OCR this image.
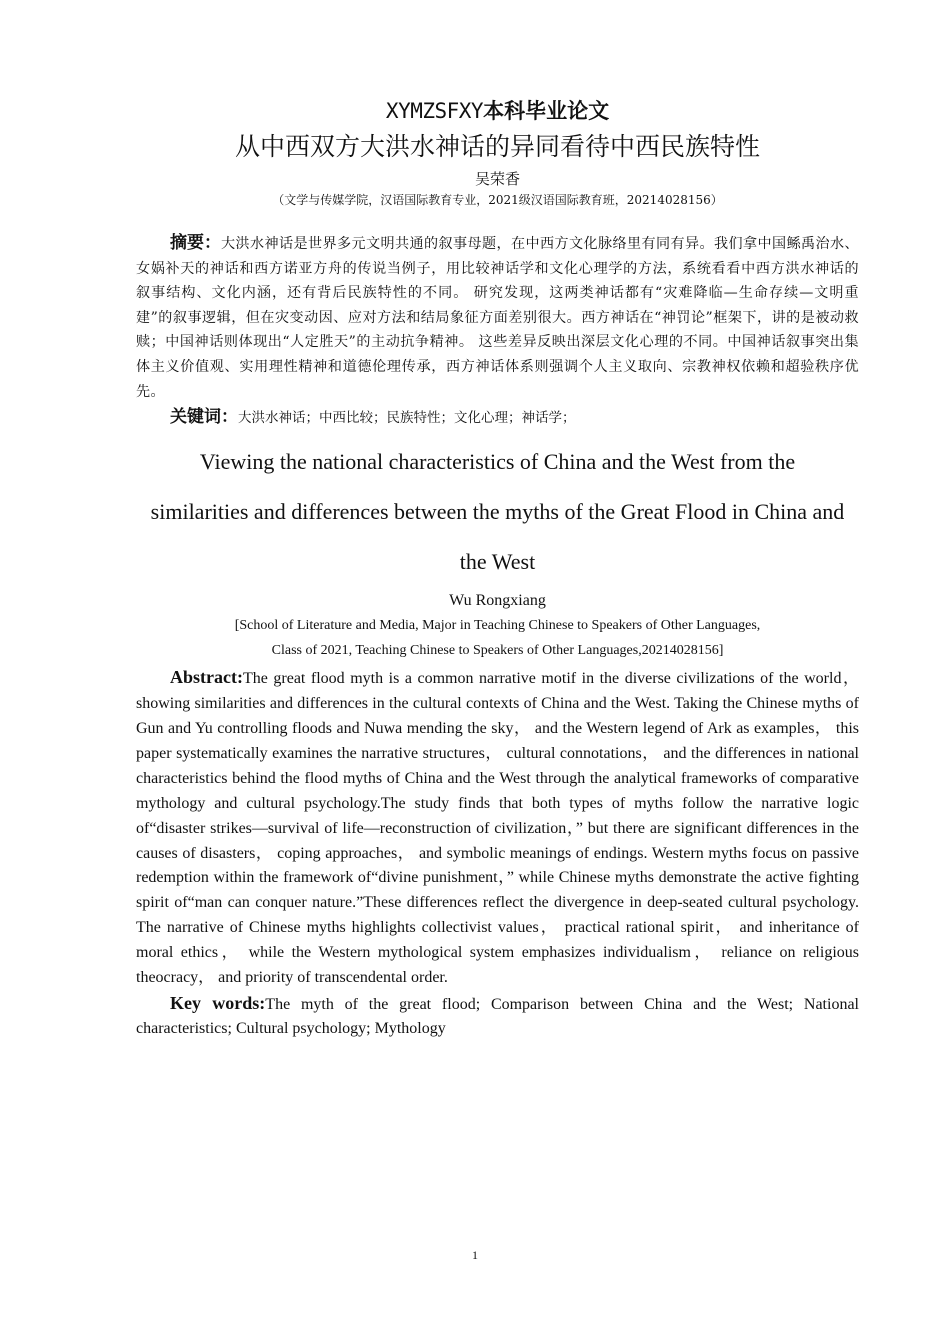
XYMZSFXY本科毕业论文
从中西双方大洪水神话的异同看待中西民族特性
吴荣香
（文学与传媒学院，汉语国际教育专业，2021级汉语国际教育班，20214028156）
摘要：大洪水神话是世界多元文明共通的叙事母题，在中西方文化脉络里有同有异。我们拿中国鲧禹治水、女娲补天的神话和西方诺亚方舟的传说当例子，用比较神话学和文化心理学的方法，系统看看中西方洪水神话的叙事结构、文化内涵，还有背后民族特性的不同。 研究发现，这两类神话都有“灾难降临—生命存续—文明重建”的叙事逻辑，但在灾变动因、应对方法和结局象征方面差别很大。西方神话在“神罚论”框架下，讲的是被动救赎；中国神话则体现出“人定胜天”的主动抗争精神。 这些差异反映出深层文化心理的不同。中国神话叙事突出集体主义价值观、实用理性精神和道德伦理传承，西方神话体系则强调个人主义取向、宗教神权依赖和超验秩序优先。
关键词：大洪水神话；中西比较；民族特性；文化心理；神话学；
Viewing the national characteristics of China and the West from the
similarities and differences between the myths of the Great Flood in China and
the West
Wu Rongxiang
[School of Literature and Media, Major in Teaching Chinese to Speakers of Other Languages,
Class of 2021, Teaching Chinese to Speakers of Other Languages,20214028156]
Abstract:The great flood myth is a common narrative motif in the diverse civilizations of the world， showing similarities and differences in the cultural contexts of China and the West. Taking the Chinese myths of Gun and Yu controlling floods and Nuwa mending the sky， and the Western legend of Ark as examples， this paper systematically examines the narrative structures， cultural connotations， and the differences in national characteristics behind the flood myths of China and the West through the analytical frameworks of comparative mythology and cultural psychology.The study finds that both types of myths follow the narrative logic of“disaster strikes—survival of life—reconstruction of civilization，” but there are significant differences in the causes of disasters， coping approaches， and symbolic meanings of endings. Western myths focus on passive redemption within the framework of“divine punishment，” while Chinese myths demonstrate the active fighting spirit of“man can conquer nature.”These differences reflect the divergence in deep-seated cultural psychology. The narrative of Chinese myths highlights collectivist values， practical rational spirit， and inheritance of moral ethics， while the Western mythological system emphasizes individualism， reliance on religious theocracy， and priority of transcendental order.
Key words:The myth of the great flood; Comparison between China and the West; National characteristics; Cultural psychology; Mythology
1
